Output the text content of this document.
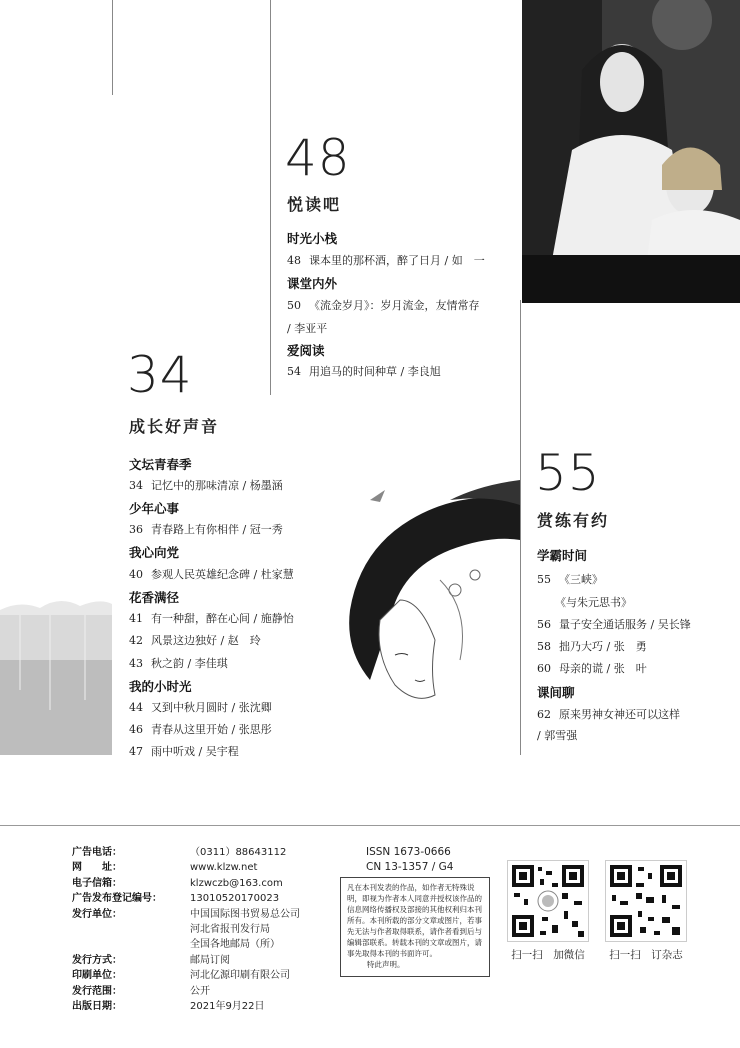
48
悦读吧
时光小栈
48 课本里的那杯酒，醉了日月 / 如　一
课堂内外
50 《流金岁月》：岁月流金，友情常存
/ 李亚平
爱阅读
54 用追马的时间种草 / 李良旭
34
成长好声音
文坛青春季
34 记忆中的那味清凉 / 杨墨涵
少年心事
36 青春路上有你相伴 / 冠一秀
我心向党
40 参观人民英雄纪念碑 / 杜家慧
花香满径
41 有一种甜，醉在心间 / 施静怡
42 风景这边独好 / 赵　玲
43 秋之韵 / 李佳琪
我的小时光
44 又到中秋月圆时 / 张沈卿
46 青春从这里开始 / 张思彤
47 雨中听戏 / 吴宇程
55
赏练有约
学霸时间
55 《三峡》
《与朱元思书》
56 量子安全通话服务 / 吴长锋
58 拙乃大巧 / 张　勇
60 母亲的谎 / 张　叶
课间聊
62 原来男神女神还可以这样
/ 郭雪强
广告电话：
网　　址：
电子信箱：
广告发布登记编号：
发行单位：
发行方式：
印刷单位：
发行范围：
出版日期：
（0311）88643112
www.klzw.net
klzwczb@163.com
13010520170023
中国国际图书贸易总公司
河北省报刊发行局
全国各地邮局（所）
邮局订阅
河北亿源印刷有限公司
公开
2021年9月22日
ISSN 1673-0666
CN 13-1357 / G4
凡在本刊发表的作品，如作者无特殊说明，即视为作者本人同意并授权该作品的信息网络传播权及部接的其他权利归本刊所有。本刊所载的部分文章或图片，若事先无法与作者取得联系，请作者看到后与编辑部联系。转载本刊的文章或图片，请事先取得本刊的书面许可。
特此声明。
扫一扫　加微信	扫一扫　订杂志
